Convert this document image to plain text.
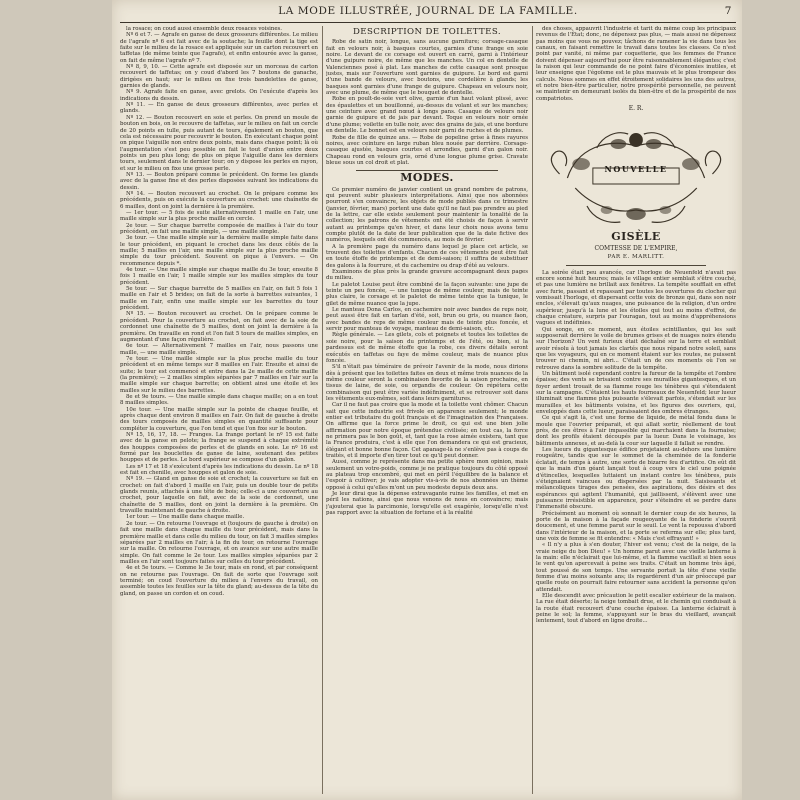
LA MODE ILLUSTRÉE, JOURNAL DE LA FAMILLE.	7

la rosace; on coud aussi ensemble deux rosaces voisines.

Nº 6 et 7. — Agrafe en ganse de deux grosseurs différentes. Le milieu de l'agrafe nº 6 est fait avec de la soutache; la feuille dont la tige est faite sur le milieu de la rosace est appliquée sur un carton recouvert en taffetas (de même teinte que l'agrafe), et enfin entourée avec la ganse, on fait de même l'agrafe nº 7.

Nº 8, 9, 10. — Cette agrafe est disposée sur un morceau de carton recouvert de taffetas; on y coud d'abord les 7 boutons de ganache, dirigées en haut; sur le milieu on fixe trois bandelettes de ganse, garnies de glands.

Nº 9. Agrafe faite en ganse, avec grelots. On l'exécute d'après les indications du dessin.

Nº 11. — En ganse de deux grosseurs différentes, avec perles et glands.

Nº 12. — Bouton recouvert en soie et perles. On prend un moule de bouton en bois, on le recouvre de taffetas, sur le milieu on fait un cercle de 20 points en tulle, puis autant de tours, également en bouton, que cela est nécessaire pour recouvrir le bouton. En exécutant chaque point on pique l'aiguille non entre deux points, mais dans chaque point; là où l'augmentation s'est peu possible on fait le tout d'union entre deux points un peu plus long; de plus on pique l'aiguille dans les derniers tours, seulement dans le dernier tour; on y dispose les perles en rayon, et sur le milieu on fixe une grosse perle.

Nº 13. — Bouton préparé comme le précédent. On forme les glands avec de la ganse fine et des perles disposées suivant les indications du dessin.

Nº 14. — Bouton recouvert au crochet. On le prépare comme les précédents, puis on exécute la couverture au crochet: une chaînette de 6 mailles, dont on joint la dernière à la première.

— 1er tour. — 5 fois de suite alternativement 1 maille en l'air, une maille simple sur la plus proche maille en cercle.

2e tour. — Sur chaque barrette composée de mailles à l'air du tour précédent, on fait une maille simple, — une maille simple.

3e tour. — Une maille simple sur la dernière maille simple faite dans le tour précédent, en piquant le crochet dans les deux côtés de la maille; 5 mailles en l'air, une maille simple sur la plus proche maille simple du tour précédent. Souvent on pique à l'envers. — On recommence depuis *.

4e tour. — Une maille simple sur chaque maille du 3e tour, ensuite 8 fois 1 maille en l'air, 1 maille simple sur les mailles simples du tour précédent.

5e tour. — Sur chaque barrette de 5 mailles en l'air, on fait 5 fois 1 maille en l'air et 5 brides; on fait de la sorte à barrettes suivantes, 1 maille en l'air, enfin une maille simple sur les barrettes du tour précédent.

Nº 15. — Bouton recouvert au crochet. On le prépare comme le précédent. Pour la couverture au crochet, on fait avec de la soie de cordonnet une chaînette de 5 mailles, dont on joint la dernière à la première. On travaille en rond et l'on fait 5 tours de mailles simples, en augmentant d'une façon régulière.

6e tour. — Alternativement 7 mailles en l'air, nous passons une maille, — une maille simple.

7e tour. — Une maille simple sur la plus proche maille du tour précédent et en même temps sur 8 mailles en l'air. Ensuite et ainsi de suite; le tour est commencé et entre dans la 2e maille de cette maille (la première); — 2 mailles simples séparées par 7 mailles en l'air sur la maille simple sur chaque barrette; on obtient ainsi une étoile et les mailles sur le milieu des barrettes.

8e et 9e tours. — Une maille simple dans chaque maille; on a en tout 8 mailles simples.

10e tour. — Une maille simple sur la pointe de chaque feuille, et après chaque dent environ 8 mailles en l'air. On fait de gauche à droite des tours composés de mailles simples en quantité suffisante pour compléter la couverture, que l'on tend et que l'on fixe sur le bouton.

Nº 15, 16, 17, 18. — Franges. La frange portant le nº 15 est faite avec de la ganse en pelote; la frange se suspend à chaque extrémité des houppes composées de perles et de glands en soie. Le nº 16 est formé par les bouclettes de ganse de laine, soutenant des petites houppes et de perles. Le bord supérieur se compose d'un galon.

Les nº 17 et 18 s'exécutent d'après les indications du dessin. Le nº 18 est fait en chenille, avec houppes et galon de soie.

Nº 19. — Gland en ganse de soie et crochet; la couverture se fait en crochet: on fait d'abord 1 maille en l'air, puis un double tour de petits glands reunis, attachés à une tête de bois; celle-ci a une couverture au crochet, pour laquelle on fait, avec de la soie de cordonnet, une chaînette de 5 mailles, dont on joint la dernière à la première. On travaille maintenant de gauche à droite.

1er tour. — Une maille dans chaque maille.

2e tour. — On retourne l'ouvrage et (toujours de gauche à droite) on fait une maille dans chaque maille du tour précédent, mais dans la première maille et dans celle du milieu du tour, on fait 3 mailles simples séparées par 2 mailles en l'air; à la fin du tour, on retourne l'ouvrage sur la maille. On retourne l'ouvrage, et on avance sur une autre maille simple. On fait comme le 2e tour. Les mailles simples séparées par 2 mailles en l'air sont toujours faites sur celles du tour précédent.

4e et 5e tours. — Comme le 3e tour, mais en rond, et par conséquent on ne retourne pas l'ouvrage. On fait de sorte que l'ouvrage soit terminé; on coud l'ouverture du milieu à l'envers du travail, on assemble toutes les feuilles sur la tête du gland; au-dessus de la tête du gland, on passe un cordon et on coud.

DESCRIPTION DE TOILETTES.

Robe de satin noir, longue, sans aucune garniture; corsage-casaque fait en velours noir, à basques courtes, garnies d'une frange en soie noire. Le devant de ce corsage est ouvert en carré, garni à l'intérieur d'une guipure noire, de même que les manches. Un col en dentelle de Valenciennes posé à plat. Les manches de cette casaque sont presque justes, mais sur l'ouverture sont garnies de guipure. Le bord est garni d'une bande de velours, avec boutons, une cordelière à glands; les basques sont garnies d'une frange de guipure. Chapeau en velours noir, avec une plume, de même que le bouquet de dentelle.

Robe en poult-de-soie vert olive, garnie d'un haut volant plissé, avec des épaulettes et un bouillonné, au-dessus du volant et sur les manches; une ceinture avec grand nœud à longs pans. Casaque de velours noir garnie de guipure et de jais par devant. Toque en velours noir ornée d'une plume; voilette en tulle noir, avec des grains de jais, et une bordure en dentelle. Le bonnet est en velours noir garni de ruches et de plumes.

Robe de fille de quinze ans. — Robe de popeline grise à fines rayures noires, avec ceinture en large ruban bleu nouée par derrière. Corsage-casaque ajustée, basques courtes et arrondies, garni d'un galon noir. Chapeau rond en velours gris, orné d'une longue plume grise. Cravate bleue sous un col droit et plat.

MODES.

Ce premier numéro de janvier contient un grand nombre de patrons, qui peuvent subir plusieurs interprétations. Ainsi que nos abonnées pourront s'en convaincre, les objets de mode publiés dans ce trimestre (janvier, février, mars) portent une date qu'il ne faut pas prendre au pied de la lettre, car elle existe seulement pour maintenir la tonalité de la collection; les patrons de vêtements ont été choisis de façon à servir autant au printemps qu'en hiver, et dans leur choix nous avons tenu compte plutôt de la date de leur publication que de la date fictive des numéros, lesquels ont été commencés, au mois de février.

A la première page du numéro dans lequel je place cet article, se trouvent des toilettes d'enfants. Chacun de ces vêtements peut être fait en toute étoffe de printemps et de demi-saison; il suffira de substituer des galons à la fourrure, et du cachemire ou drap d'été au velours.

Examinons de plus près la grande gravure accompagnant deux pages du milieu.

Le paletot Louise peut être combiné de la façon suivante: une jupe de teinte un peu foncée, — une tunique de même couleur, mais de teinte plus claire, le corsage et le paletot de même teinte que la tunique, le gilet de même nuance que la jupe.

Le manteau Dona Carlos, en cachemire noir avec bandes de reps noir, peut aussi être fait en tarlan d'été, soit, brun ou gris, ou nuance faon, avec bandes de reps de même couleur mais de teinte plus foncée, et servir pour manteau de voyage, manteau de demi-saison, etc.

Règle générale. — Les gilets, cols et poignets et toutes les toilettes de soie noire, pour la saison du printemps et de l'été, ou bien, si la pardessus est de même étoffe que la robe, ces divers détails seront exécutés en taffetas ou faye de même couleur, mais de nuance plus foncée.

S'il n'était pas téméraire de prévoir l'avenir de la mode, nous dirions dès à présent que les toilettes faites en deux et même trois nuances de la même couleur seront la combinaison favorite de la saison prochaine, en tissus de laine, de soie, ou organdis de couleur. On répétera cette combinaison qui peut être variée indéfiniment, et se retrouver soit dans les vêtements eux-mêmes, soit dans leurs garnitures.

Car il ne faut pas croire que la mode et la toilette vont chômer. Chacun sait que cette industrie est frivole en apparence seulement; le monde entier est tributaire du goût français et de l'imagination des Françaises. On affirme que la force prime le droit, ce qui est une bien jolie affirmation pour notre époque prétendue civilisée; en tout cas, la force ne primera pas le bon goût, et, tant que la rose aimée existera, tant que la France produira, c'est à elle que l'on demandera ce qui est gracieux, élégant et bonne bonne façon. Cet apanage-là ne s'enlève pas à coups de traités, et il importe d'en tirer tout ce qu'il peut donner.

Aussi, comme je représente dans ma petite sphère mon opinion, mais seulement un votre-poids, comme je ne pratique toujours du côté opposé au plateau trop encombré, qui met en péril l'équilibre de la balance et l'espoir à cultiver; je vais adopter vis-à-vis de nos abonnées un thème opposé à celui qu'elles m'ont un peu modeste depuis deux ans.

Je leur dirai que la dépense extravagante ruine les familles, et met en péril les nations, ainsi que nous venons de nous en convaincre; mais j'ajouterai que la parcimonie, lorsqu'elle est exagérée, lorsqu'elle n'est pas rapport avec la situation de fortune et à la réalité

des choses, appauvrit l'industrie et tarit du même coup les principaux revenus de l'État; donc, ne dépensez pas plus, — mais aussi ne dépensez pas moins que vous ne pouvez; tâchons de ramener la vie dans tous les canaux, en faisant remettre le travail dans toutes les classes. Ce n'est point par vanité, ni même par coquetterie, que les femmes de France doivent dépenser aujourd'hui pour être raisonnablement élégantes; c'est la raison qui leur commande de ne point faire d'économies inutiles, et leur enseigne que l'égoïsme est le plus mauvais et le plus trompeur des calculs. Nous sommes en effet étroitement solidaires les uns des autres, et notre bien-être particulier, notre prospérité personnelle, ne peuvent se maintenir en demeurant isolés du bien-être et de la prospérité de nos compatriotes.

E. R.
NOUVELLE
GISÈLE
COMTESSE DE L'EMPIRE,
PAR E. MARLITT.

La soirée était peu avancée, car l'horloge de Neuenfeld n'avait pas encore sonné huit heures; mais le village entier semblait s'être couché, et pas une lumière ne brillait aux fenêtres. La tempête soufflait en effet avec furie, passant et repassant par toutes les ouvertures du clocher qui vomissait l'horloge, et dispersant cette voix de bronze qui, dans son noir enclos, s'élevait qu'aux nuages, une puissance de la religion, d'un ordre supérieur, jusqu'à la lune et les étoiles qui tout au moins d'effroi, de chaque créature, surpris par l'ouragan, tout au moins d'appréhensions vagues et indéfinies.

Qui songe, en ce moment, aux étoiles scintillantes, qui les sait supposerait derrière le voile de brumes grises et de nuages noirs étendu sur l'horizon? Un vent furieux était déchaîné sur la terre et semblait avoir résolu à tout jamais les clartés que nous répand notre soleil, sans que les voyageurs, qui en ce moment étaient sur les routes, ne puissent trouver ni chemin, ni abri... C'était un de ces moments où l'on se retrouve dans la sombre solitude de la tempête.

Un bâtiment isolé cependant contre la fureur de la tempête et l'ombre épaisse; des vents se brisaient contre ses murailles gigantesques, et un foyer ardent trouait de sa flamme rouge les ténèbres qui s'étendaient sur la campagne. C'étaient les hauts fourneaux de Neuenfeld; leur lueur illuminait une flamme plus puissante s'élevait parfois, s'étendait sur les murailles et les bâtiments voisins, et les figures des ouvriers, qui, enveloppés dans cette lueur, paraissaient des ombres étranges.

Ce qui s'agit là, c'est une forme de liquide, de métal fondu dans le moule que l'ouvrier préparait, et qui allait sortir, réellement de tout près, de ces êtres à l'air impassible qui marchaient dans la fournaise; dont les profils étaient découpés par la lueur. Dans le voisinage, les bâtiments annexes, et au-delà la cour sur laquelle il fallait se rendre.

Les lueurs du gigantesque édifice projetaient au-dehors une lumière rougeâtre, tandis que sur le sommet de la cheminée de la fonderie éclatait, de temps à autre, une sorte de bizarre feu d'artifice. On eût dit que la main d'un géant lançait tout à coup vers le ciel une poignée d'étincelles, lesquelles luttaient un instant contre les ténèbres, puis s'éteignaient vaincues ou dispersées par la nuit. Saisissants et mélancoliques tirages des pensées, des aspirations, des désirs et des espérances qui agitent l'humanité, qui jaillissent, s'élèvent avec une puissance irrésistible en apparence, pour s'éteindre et se perdre dans l'immensité obscure.

Précisément au moment où sonnait le dernier coup de six heures, la porte de la maison à la façade rougeoyante de la fonderie s'ouvrit doucement, et une femme parut sur le seuil. Le vent la repoussa d'abord dans l'intérieur de la maison, et la porte se referma sur elle; plus tard, une voix de femme se fit entendre: « Mais c'est effrayant! »

« Il n'y a plus à s'en douter, l'hiver est venu; c'est de la neige, de la vraie neige du bon Dieu! » Un homme parut avec une vieille lanterne à la main: elle n'éclairait que lui-même, et la flamme vacillait si bien sous le vent qu'on apercevait à peine ses traits. C'était un homme très âgé, tout poussé de son temps. Une servante portait la tête d'une vieille femme d'au moins soixante ans; ils regardèrent d'un air préoccupé par quelle route on pourrait faire retourner sans accident la personne qu'on attendait.

Elle descendit avec précaution le petit escalier extérieur de la maison. La rue était déserte; la neige tombait drue, et le chemin qui conduisait à la route était recouvert d'une couche épaisse. La lanterne éclairait à peine le sol; la femme, s'appuyant sur le bras du vieillard, avançait lentement, tout d'abord en ligne droite...
